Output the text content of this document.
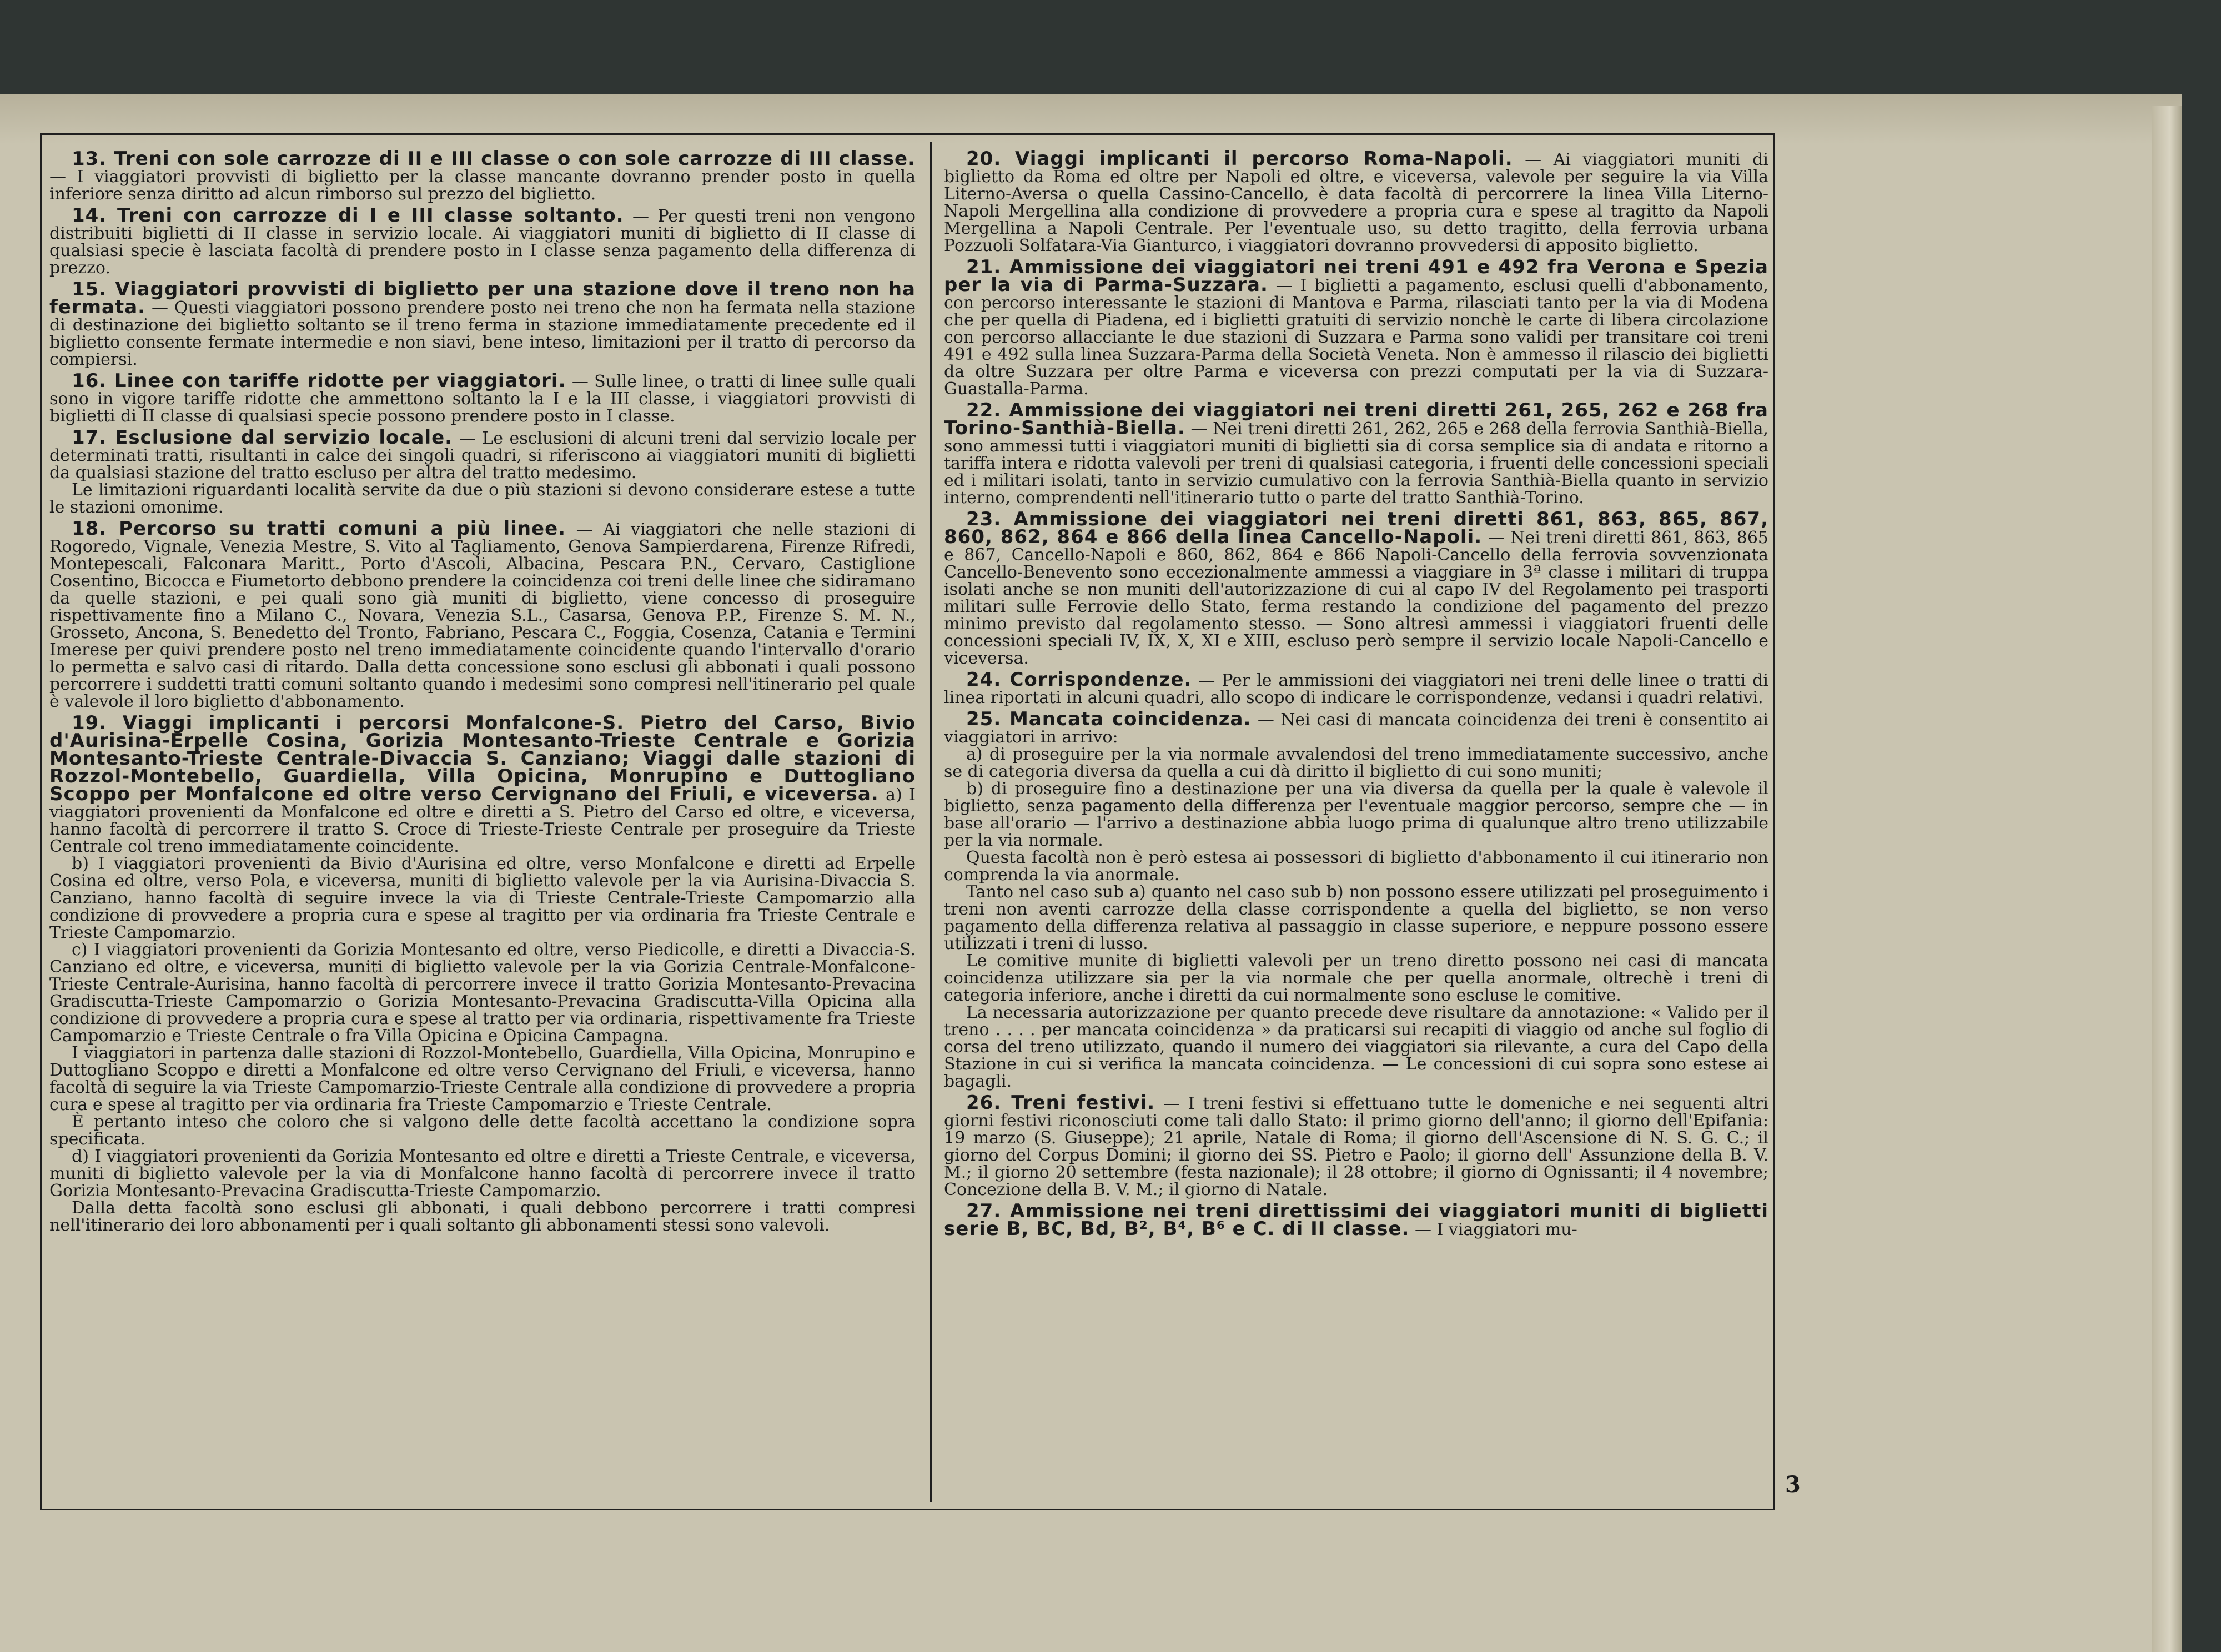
13. Treni con sole carrozze di II e III classe o con sole carrozze di III classe. — I viaggiatori provvisti di biglietto per la classe mancante dovranno prender posto in quella inferiore senza diritto ad alcun rimborso sul prezzo del biglietto.

14. Treni con carrozze di I e III classe soltanto. — Per questi treni non vengono distribuiti biglietti di II classe in servizio locale. Ai viaggiatori muniti di biglietto di II classe di qualsiasi specie è lasciata facoltà di prendere posto in I classe senza pagamento della differenza di prezzo.

15. Viaggiatori provvisti di biglietto per una stazione dove il treno non ha fermata. — Questi viaggiatori possono prendere posto nei treno che non ha fermata nella stazione di destinazione dei biglietto soltanto se il treno ferma in stazione immediatamente precedente ed il biglietto consente fermate intermedie e non siavi, bene inteso, limitazioni per il tratto di percorso da compiersi.

16. Linee con tariffe ridotte per viaggiatori. — Sulle linee, o tratti di linee sulle quali sono in vigore tariffe ridotte che ammettono soltanto la I e la III classe, i viaggiatori provvisti di biglietti di II classe di qualsiasi specie possono prendere posto in I classe.

17. Esclusione dal servizio locale. — Le esclusioni di alcuni treni dal servizio locale per determinati tratti, risultanti in calce dei singoli quadri, si riferiscono ai viaggiatori muniti di biglietti da qualsiasi stazione del tratto escluso per altra del tratto medesimo.

Le limitazioni riguardanti località servite da due o più stazioni si devono considerare estese a tutte le stazioni omonime.

18. Percorso su tratti comuni a più linee. — Ai viaggiatori che nelle stazioni di Rogoredo, Vignale, Venezia Mestre, S. Vito al Tagliamento, Genova Sampierdarena, Firenze Rifredi, Montepescali, Falconara Maritt., Porto d'Ascoli, Albacina, Pescara P.N., Cervaro, Castiglione Cosentino, Bicocca e Fiumetorto debbono prendere la coincidenza coi treni delle linee che sidiramano da quelle stazioni, e pei quali sono già muniti di biglietto, viene concesso di proseguire rispettivamente fino a Milano C., Novara, Venezia S.L., Casarsa, Genova P.P., Firenze S. M. N., Grosseto, Ancona, S. Benedetto del Tronto, Fabriano, Pescara C., Foggia, Cosenza, Catania e Termini Imerese per quivi prendere posto nel treno immediatamente coincidente quando l'intervallo d'orario lo permetta e salvo casi di ritardo. Dalla detta concessione sono esclusi gli abbonati i quali possono percorrere i suddetti tratti comuni soltanto quando i medesimi sono compresi nell'itinerario pel quale è valevole il loro biglietto d'abbonamento.

19. Viaggi implicanti i percorsi Monfalcone-S. Pietro del Carso, Bivio d'Aurisina-Erpelle Cosina, Gorizia Montesanto-Trieste Centrale e Gorizia Montesanto-Trieste Centrale-Divaccia S. Canziano; Viaggi dalle stazioni di Rozzol-Montebello, Guardiella, Villa Opicina, Monrupino e Duttogliano Scoppo per Monfalcone ed oltre verso Cervignano del Friuli, e viceversa. a) I viaggiatori provenienti da Monfalcone ed oltre e diretti a S. Pietro del Carso ed oltre, e viceversa, hanno facoltà di percorrere il tratto S. Croce di Trieste-Trieste Centrale per proseguire da Trieste Centrale col treno immediatamente coincidente.

b) I viaggiatori provenienti da Bivio d'Aurisina ed oltre, verso Monfalcone e diretti ad Erpelle Cosina ed oltre, verso Pola, e viceversa, muniti di biglietto valevole per la via Aurisina-Divaccia S. Canziano, hanno facoltà di seguire invece la via di Trieste Centrale-Trieste Campomarzio alla condizione di provvedere a propria cura e spese al tragitto per via ordinaria fra Trieste Centrale e Trieste Campomarzio.

c) I viaggiatori provenienti da Gorizia Montesanto ed oltre, verso Piedicolle, e diretti a Divaccia-S. Canziano ed oltre, e viceversa, muniti di biglietto valevole per la via Gorizia Centrale-Monfalcone-Trieste Centrale-Aurisina, hanno facoltà di percorrere invece il tratto Gorizia Montesanto-Prevacina Gradiscutta-Trieste Campomarzio o Gorizia Montesanto-Prevacina Gradiscutta-Villa Opicina alla condizione di provvedere a propria cura e spese al tratto per via ordinaria, rispettivamente fra Trieste Campomarzio e Trieste Centrale o fra Villa Opicina e Opicina Campagna.

I viaggiatori in partenza dalle stazioni di Rozzol-Montebello, Guardiella, Villa Opicina, Monrupino e Duttogliano Scoppo e diretti a Monfalcone ed oltre verso Cervignano del Friuli, e viceversa, hanno facoltà di seguire la via Trieste Campomarzio-Trieste Centrale alla condizione di provvedere a propria cura e spese al tragitto per via ordinaria fra Trieste Campomarzio e Trieste Centrale.

È pertanto inteso che coloro che si valgono delle dette facoltà accettano la condizione sopra specificata.

d) I viaggiatori provenienti da Gorizia Montesanto ed oltre e diretti a Trieste Centrale, e viceversa, muniti di biglietto valevole per la via di Monfalcone hanno facoltà di percorrere invece il tratto Gorizia Montesanto-Prevacina Gradiscutta-Trieste Campomarzio.

Dalla detta facoltà sono esclusi gli abbonati, i quali debbono percorrere i tratti compresi nell'itinerario dei loro abbonamenti per i quali soltanto gli abbonamenti stessi sono valevoli.

20. Viaggi implicanti il percorso Roma-Napoli. — Ai viaggiatori muniti di biglietto da Roma ed oltre per Napoli ed oltre, e viceversa, valevole per seguire la via Villa Literno-Aversa o quella Cassino-Cancello, è data facoltà di percorrere la linea Villa Literno-Napoli Mergellina alla condizione di provvedere a propria cura e spese al tragitto da Napoli Mergellina a Napoli Centrale. Per l'eventuale uso, su detto tragitto, della ferrovia urbana Pozzuoli Solfatara-Via Gianturco, i viaggiatori dovranno provvedersi di apposito biglietto.

21. Ammissione dei viaggiatori nei treni 491 e 492 fra Verona e Spezia per la via di Parma-Suzzara. — I biglietti a pagamento, esclusi quelli d'abbonamento, con percorso interessante le stazioni di Mantova e Parma, rilasciati tanto per la via di Modena che per quella di Piadena, ed i biglietti gratuiti di servizio nonchè le carte di libera circolazione con percorso allacciante le due stazioni di Suzzara e Parma sono validi per transitare coi treni 491 e 492 sulla linea Suzzara-Parma della Società Veneta. Non è ammesso il rilascio dei biglietti da oltre Suzzara per oltre Parma e viceversa con prezzi computati per la via di Suzzara-Guastalla-Parma.

22. Ammissione dei viaggiatori nei treni diretti 261, 265, 262 e 268 fra Torino-Santhià-Biella. — Nei treni diretti 261, 262, 265 e 268 della ferrovia Santhià-Biella, sono ammessi tutti i viaggiatori muniti di biglietti sia di corsa semplice sia di andata e ritorno a tariffa intera e ridotta valevoli per treni di qualsiasi categoria, i fruenti delle concessioni speciali ed i militari isolati, tanto in servizio cumulativo con la ferrovia Santhià-Biella quanto in servizio interno, comprendenti nell'itinerario tutto o parte del tratto Santhià-Torino.

23. Ammissione dei viaggiatori nei treni diretti 861, 863, 865, 867, 860, 862, 864 e 866 della linea Cancello-Napoli. — Nei treni diretti 861, 863, 865 e 867, Cancello-Napoli e 860, 862, 864 e 866 Napoli-Cancello della ferrovia sovvenzionata Cancello-Benevento sono eccezionalmente ammessi a viaggiare in 3ª classe i militari di truppa isolati anche se non muniti dell'autorizzazione di cui al capo IV del Regolamento pei trasporti militari sulle Ferrovie dello Stato, ferma restando la condizione del pagamento del prezzo minimo previsto dal regolamento stesso. — Sono altresì ammessi i viaggiatori fruenti delle concessioni speciali IV, IX, X, XI e XIII, escluso però sempre il servizio locale Napoli-Cancello e viceversa.

24. Corrispondenze. — Per le ammissioni dei viaggiatori nei treni delle linee o tratti di linea riportati in alcuni quadri, allo scopo di indicare le corrispondenze, vedansi i quadri relativi.

25. Mancata coincidenza. — Nei casi di mancata coincidenza dei treni è consentito ai viaggiatori in arrivo:

a) di proseguire per la via normale avvalendosi del treno immediatamente successivo, anche se di categoria diversa da quella a cui dà diritto il biglietto di cui sono muniti;

b) di proseguire fino a destinazione per una via diversa da quella per la quale è valevole il biglietto, senza pagamento della differenza per l'eventuale maggior percorso, sempre che — in base all'orario — l'arrivo a destinazione abbia luogo prima di qualunque altro treno utilizzabile per la via normale.

Questa facoltà non è però estesa ai possessori di biglietto d'abbonamento il cui itinerario non comprenda la via anormale.

Tanto nel caso sub a) quanto nel caso sub b) non possono essere utilizzati pel proseguimento i treni non aventi carrozze della classe corrispondente a quella del biglietto, se non verso pagamento della differenza relativa al passaggio in classe superiore, e neppure possono essere utilizzati i treni di lusso.

Le comitive munite di biglietti valevoli per un treno diretto possono nei casi di mancata coincidenza utilizzare sia per la via normale che per quella anormale, oltrechè i treni di categoria inferiore, anche i diretti da cui normalmente sono escluse le comitive.

La necessaria autorizzazione per quanto precede deve risultare da annotazione: « Valido per il treno . . . . per mancata coincidenza » da praticarsi sui recapiti di viaggio od anche sul foglio di corsa del treno utilizzato, quando il numero dei viaggiatori sia rilevante, a cura del Capo della Stazione in cui si verifica la mancata coincidenza. — Le concessioni di cui sopra sono estese ai bagagli.

26. Treni festivi. — I treni festivi si effettuano tutte le domeniche e nei seguenti altri giorni festivi riconosciuti come tali dallo Stato: il primo giorno dell'anno; il giorno dell'Epifania: 19 marzo (S. Giuseppe); 21 aprile, Natale di Roma; il giorno dell'Ascensione di N. S. G. C.; il giorno del Corpus Domini; il giorno dei SS. Pietro e Paolo; il giorno dell' Assunzione della B. V. M.; il giorno 20 settembre (festa nazionale); il 28 ottobre; il giorno di Ognissanti; il 4 novembre; Concezione della B. V. M.; il giorno di Natale.

27. Ammissione nei treni direttissimi dei viaggiatori muniti di biglietti serie B, BC, Bd, B², B⁴, B⁶ e C. di II classe. — I viaggiatori mu-

3
